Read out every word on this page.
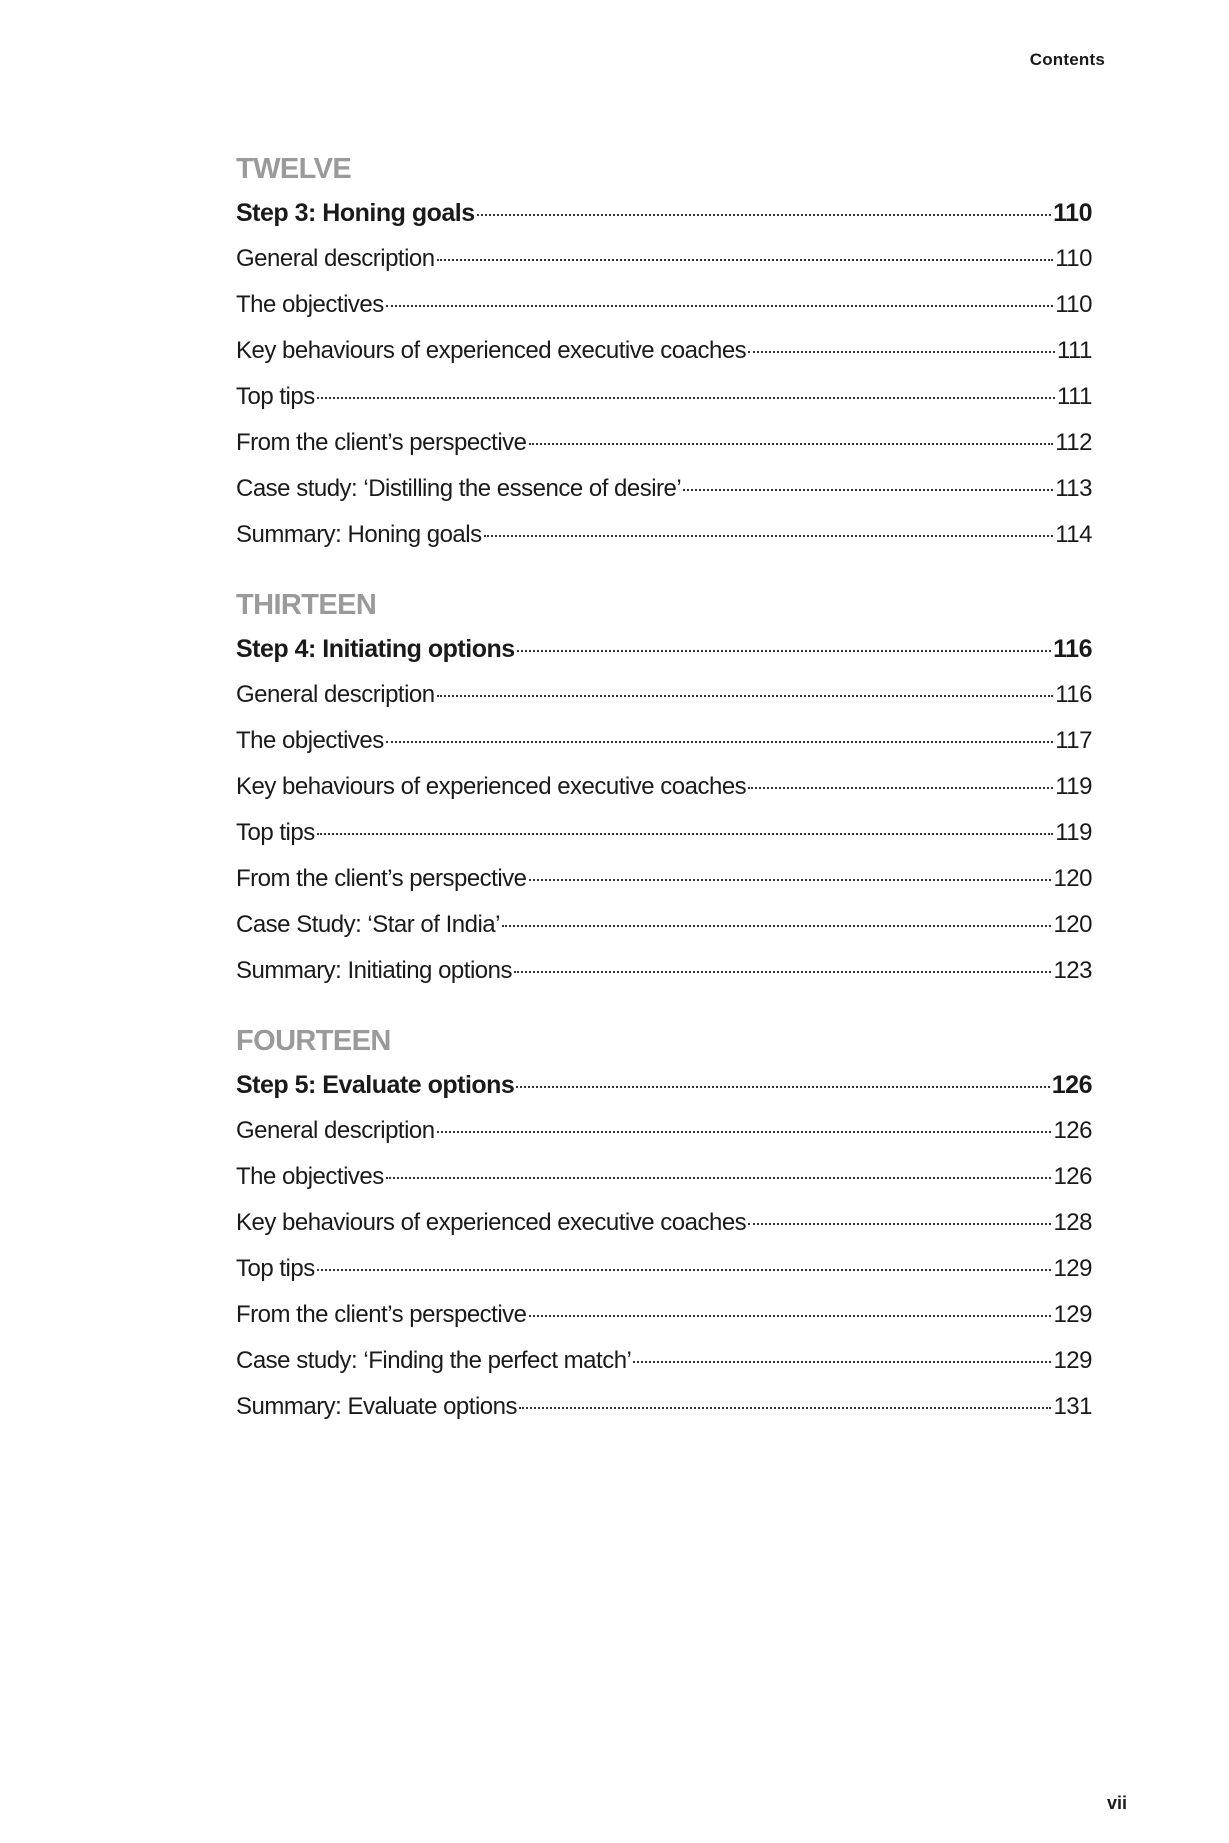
Contents
TWELVE
Step 3: Honing goals	110
General description	110
The objectives	110
Key behaviours of experienced executive coaches	111
Top tips	111
From the client’s perspective	112
Case study: ‘Distilling the essence of desire’	113
Summary: Honing goals	114
THIRTEEN
Step 4: Initiating options	116
General description	116
The objectives	117
Key behaviours of experienced executive coaches	119
Top tips	119
From the client’s perspective	120
Case Study: ‘Star of India’	120
Summary: Initiating options	123
FOURTEEN
Step 5: Evaluate options	126
General description	126
The objectives	126
Key behaviours of experienced executive coaches	128
Top tips	129
From the client’s perspective	129
Case study: ‘Finding the perfect match’	129
Summary: Evaluate options	131
vii
